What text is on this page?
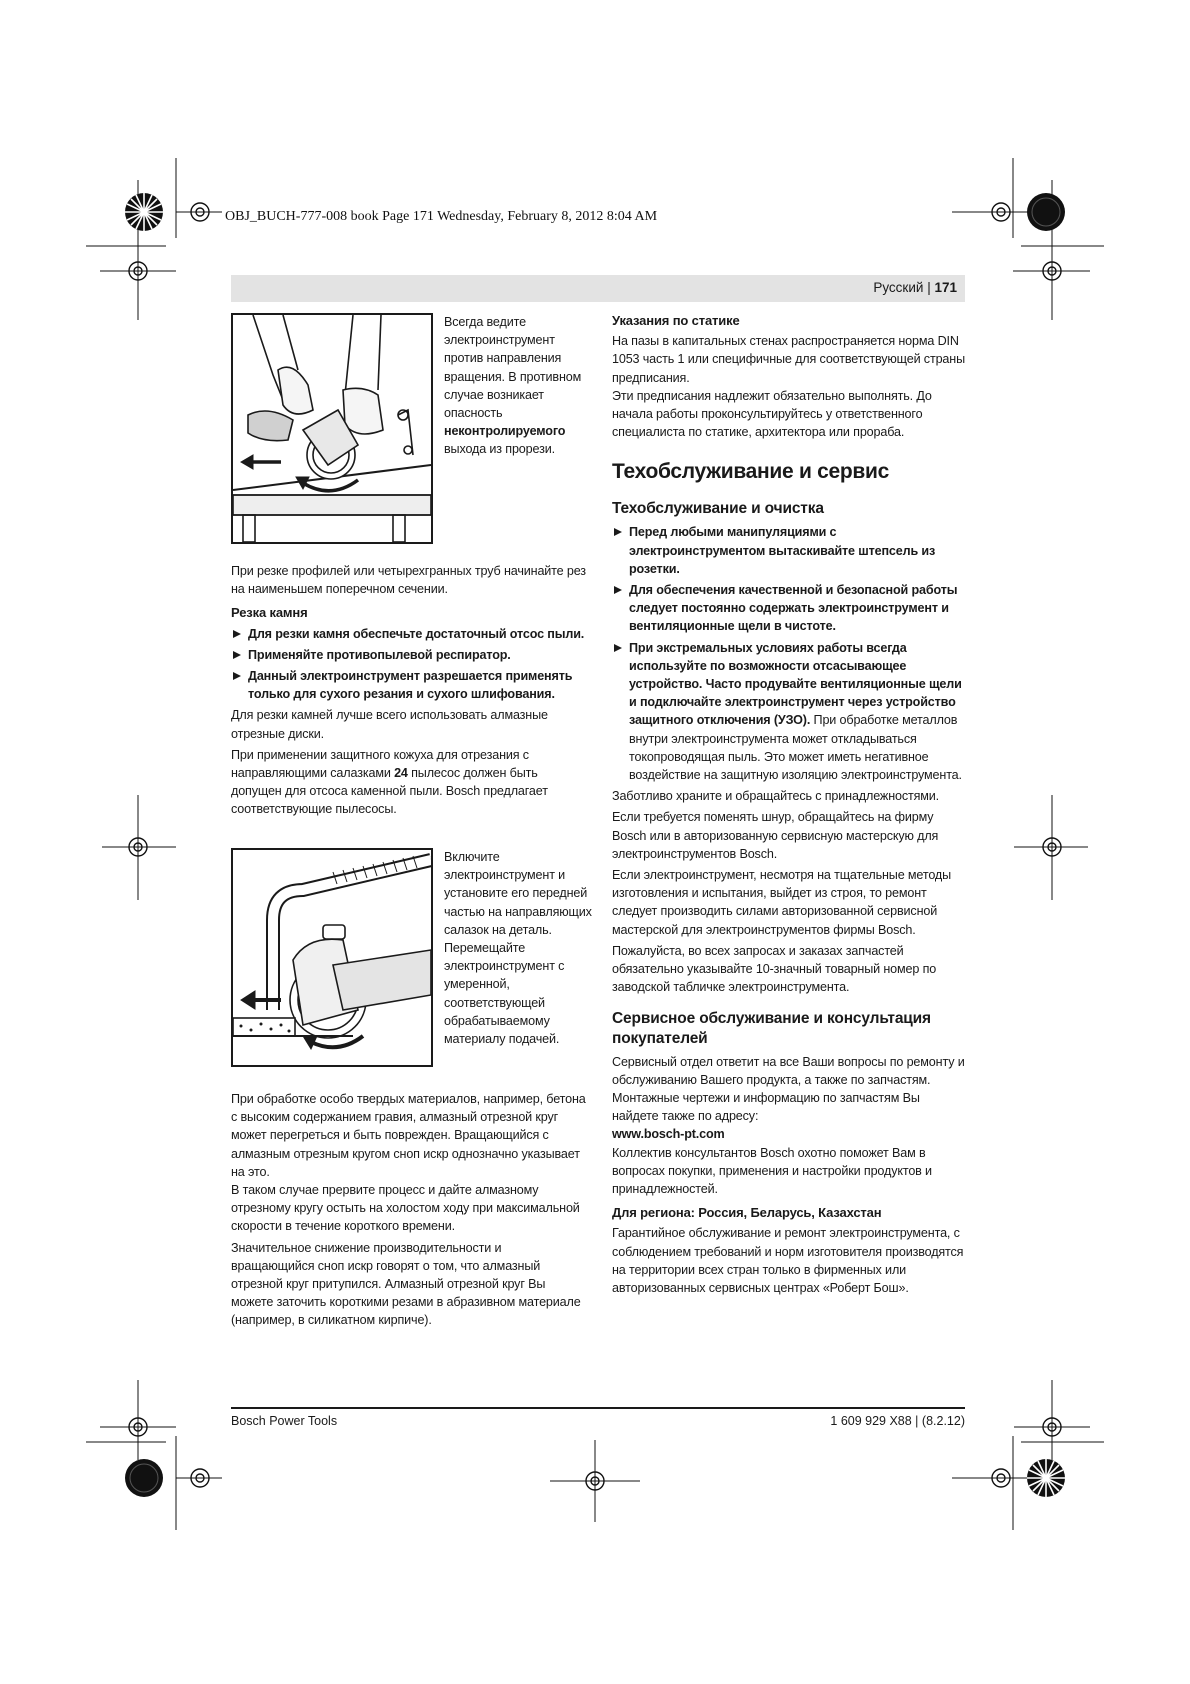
OBJ_BUCH-777-008 book Page 171 Wednesday, February 8, 2012 8:04 AM
Русский | 171
Всегда ведите электроинструмент против направления вращения. В противном случае возникает опасность неконтролируемого выхода из прорези.

При резке профилей или четырехгранных труб начинайте рез на наименьшем поперечном сечении.

Резка камня
Для резки камня обеспечьте достаточный отсос пыли.
Применяйте противопылевой респиратор.
Данный электроинструмент разрешается применять только для сухого резания и сухого шлифования.

Для резки камней лучше всего использовать алмазные отрезные диски.

При применении защитного кожуха для отрезания с направляющими салазками 24 пылесос должен быть допущен для отсоса каменной пыли. Bosch предлагает соответствующие пылесосы.

Включите электроинструмент и установите его передней частью на направляющих салазок на деталь. Перемещайте электроинструмент с умеренной, соответствующей обрабатываемому материалу подачей.

При обработке особо твердых материалов, например, бетона с высоким содержанием гравия, алмазный отрезной круг может перегреться и быть поврежден. Вращающийся с алмазным отрезным кругом сноп искр однозначно указывает на это.

В таком случае прервите процесс и дайте алмазному отрезному кругу остыть на холостом ходу при максимальной скорости в течение короткого времени.

Значительное снижение производительности и вращающийся сноп искр говорят о том, что алмазный отрезной круг притупился. Алмазный отрезной круг Вы можете заточить короткими резами в абразивном материале (например, в силикатном кирпиче).

Указания по статике

На пазы в капитальных стенах распространяется норма DIN 1053 часть 1 или специфичные для соответствующей страны предписания.

Эти предписания надлежит обязательно выполнять. До начала работы проконсультируйтесь у ответственного специалиста по статике, архитектора или прораба.

Техобслуживание и сервис
Техобслуживание и очистка
Перед любыми манипуляциями с электроинструментом вытаскивайте штепсель из розетки.
Для обеспечения качественной и безопасной работы следует постоянно содержать электроинструмент и вентиляционные щели в чистоте.
При экстремальных условиях работы всегда используйте по возможности отсасывающее устройство. Часто продувайте вентиляционные щели и подключайте электроинструмент через устройство защитного отключения (УЗО). При обработке металлов внутри электроинструмента может откладываться токопроводящая пыль. Это может иметь негативное воздействие на защитную изоляцию электроинструмента.

Заботливо храните и обращайтесь с принадлежностями.

Если требуется поменять шнур, обращайтесь на фирму Bosch или в авторизованную сервисную мастерскую для электроинструментов Bosch.

Если электроинструмент, несмотря на тщательные методы изготовления и испытания, выйдет из строя, то ремонт следует производить силами авторизованной сервисной мастерской для электроинструментов фирмы Bosch.

Пожалуйста, во всех запросах и заказах запчастей обязательно указывайте 10-значный товарный номер по заводской табличке электроинструмента.

Сервисное обслуживание и консультация покупателей

Сервисный отдел ответит на все Ваши вопросы по ремонту и обслуживанию Вашего продукта, а также по запчастям. Монтажные чертежи и информацию по запчастям Вы найдете также по адресу:

www.bosch-pt.com

Коллектив консультантов Bosch охотно поможет Вам в вопросах покупки, применения и настройки продуктов и принадлежностей.

Для региона: Россия, Беларусь, Казахстан

Гарантийное обслуживание и ремонт электроинструмента, с соблюдением требований и норм изготовителя производятся на территории всех стран только в фирменных или авторизованных сервисных центрах «Роберт Бош».

Bosch Power Tools	1 609 929 X88 | (8.2.12)
